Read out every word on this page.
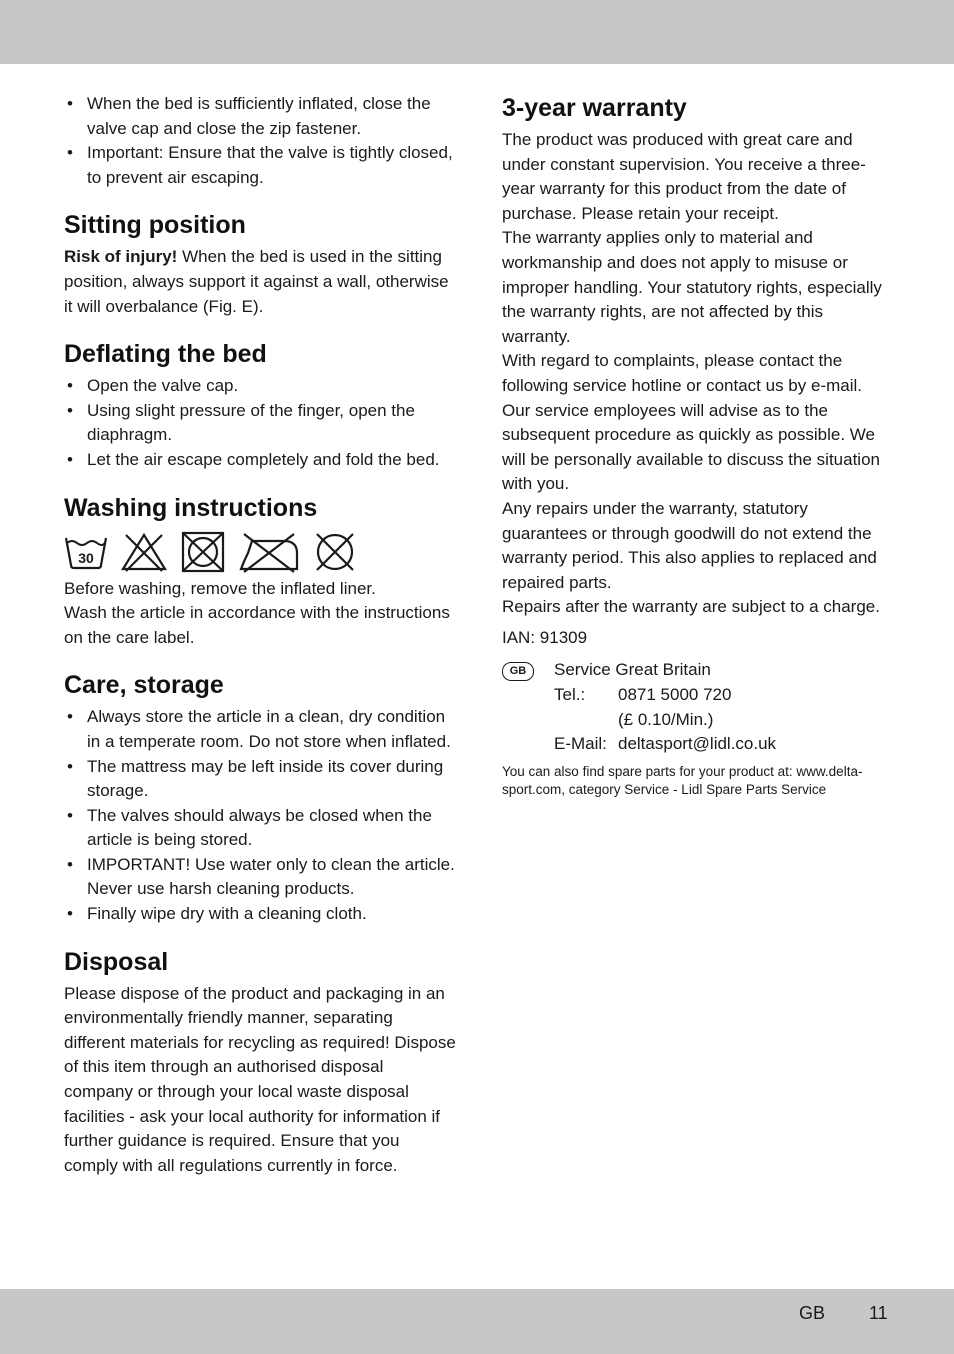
• When the bed is sufficiently inflated, close the valve cap and close the zip fastener.
• Important: Ensure that the valve is tightly closed, to prevent air escaping.
Sitting position

Risk of injury! When the bed is used in the sitting position, always support it against a wall, otherwise it will overbalance (Fig. E).

Deflating the bed
• Open the valve cap.
• Using slight pressure of the finger, open the diaphragm.
• Let the air escape completely and fold the bed.
Washing instructions
30

Before washing, remove the inflated liner.

Wash the article in accordance with the instructions on the care label.

Care, storage
• Always store the article in a clean, dry condition in a temperate room. Do not store when inflated.
• The mattress may be left inside its cover during storage.
• The valves should always be closed when the article is being stored.
• IMPORTANT! Use water only to clean the article. Never use harsh cleaning products.
• Finally wipe dry with a cleaning cloth.
Disposal

Please dispose of the product and packaging in an environmentally friendly manner, separating different materials for recycling as required! Dispose of this item through an authorised disposal company or through your local waste disposal facilities - ask your local authority for information if further guidance is required. Ensure that you comply with all regulations currently in force.

3-year warranty

The product was produced with great care and under constant supervision. You receive a three-year warranty for this product from the date of purchase. Please retain your receipt.

The warranty applies only to material and workmanship and does not apply to misuse or improper handling. Your statutory rights, especially the warranty rights, are not affected by this warranty.

With regard to complaints, please contact the following service hotline or contact us by e-mail. Our service employees will advise as to the subsequent procedure as quickly as possible. We will be personally available to discuss the situation with you.

Any repairs under the warranty, statutory guarantees or through goodwill do not extend the warranty period. This also applies to replaced and repaired parts.

Repairs after the warranty are subject to a charge.

IAN: 91309

GB	Service Great Britain
Tel.:	0871 5000 720
(£ 0.10/Min.)
E-Mail: deltasport@lidl.co.uk

You can also find spare parts for your product at: www.delta-sport.com, category Service - Lidl Spare Parts Service

GB 11
